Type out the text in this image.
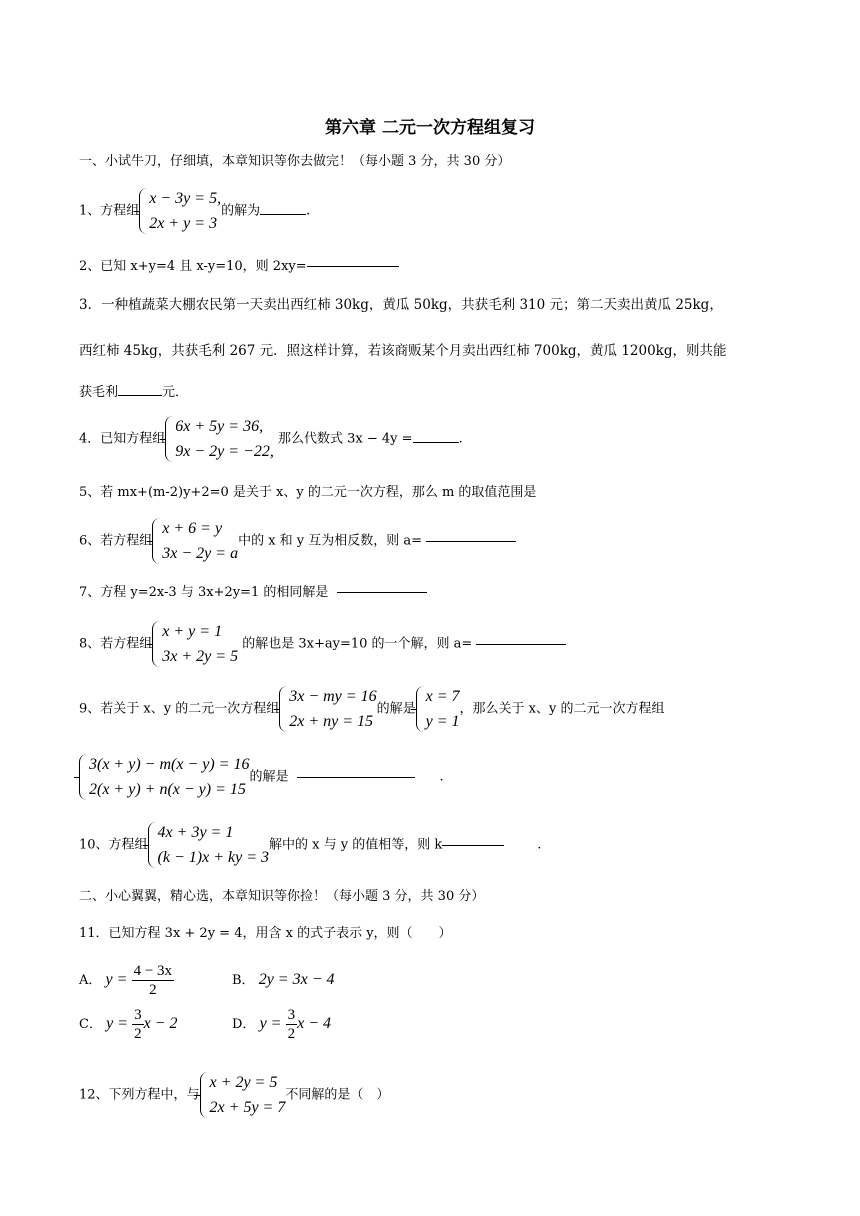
第六章 二元一次方程组复习
一、小试牛刀，仔细填，本章知识等你去做完！（每小题 3 分，共 30 分）
1、方程组
x − 3y = 5,
2x + y = 3
的解为	.
2、已知 x+y=4 且 x-y=10，则 2xy=
3．一种植蔬菜大棚农民第一天卖出西红柿 30kg，黄瓜 50kg，共获毛利 310 元；第二天卖出黄瓜 25kg，
西红柿 45kg，共获毛利 267 元．照这样计算，若该商贩某个月卖出西红柿 700kg，黄瓜 1200kg，则共能
获毛利	元．
4．已知方程组
6x + 5y = 36,
9x − 2y = −22,
那么代数式 3x − 4y =	.
5、若 mx+(m-2)y+2=0 是关于 x、y 的二元一次方程，那么 m 的取值范围是
6、若方程组
x + 6 = y
3x − 2y = a
中的 x 和 y 互为相反数，则 a=
7、方程 y=2x-3 与 3x+2y=1 的相同解是
8、若方程组
x + y = 1
3x + 2y = 5
的解也是 3x+ay=10 的一个解，则 a=
9、若关于 x、y 的二元一次方程组
3x − my = 16
2x + ny = 15
的解是
x = 7
y = 1
，那么关于 x、y 的二元一次方程组
3(x + y) − m(x − y) = 16
2(x + y) + n(x − y) = 15
的解是	.
10、方程组
4x + 3y = 1
(k − 1)x + ky = 3
解中的 x 与 y 的值相等，则 k	.
二、小心翼翼，精心选，本章知识等你捡！（每小题 3 分，共 30 分）
11．已知方程 3x + 2y = 4，用含 x 的式子表示 y，则（　　）
A． $y = \frac{4 - 3x}{2}$	B． 2y = 3x − 4
C． $y = \frac{3}{2}$ x − 2	D． $y = \frac{3}{2}$ x − 4
12、下列方程中，与
x + 2y = 5
2x + 5y = 7
不同解的是（　）
